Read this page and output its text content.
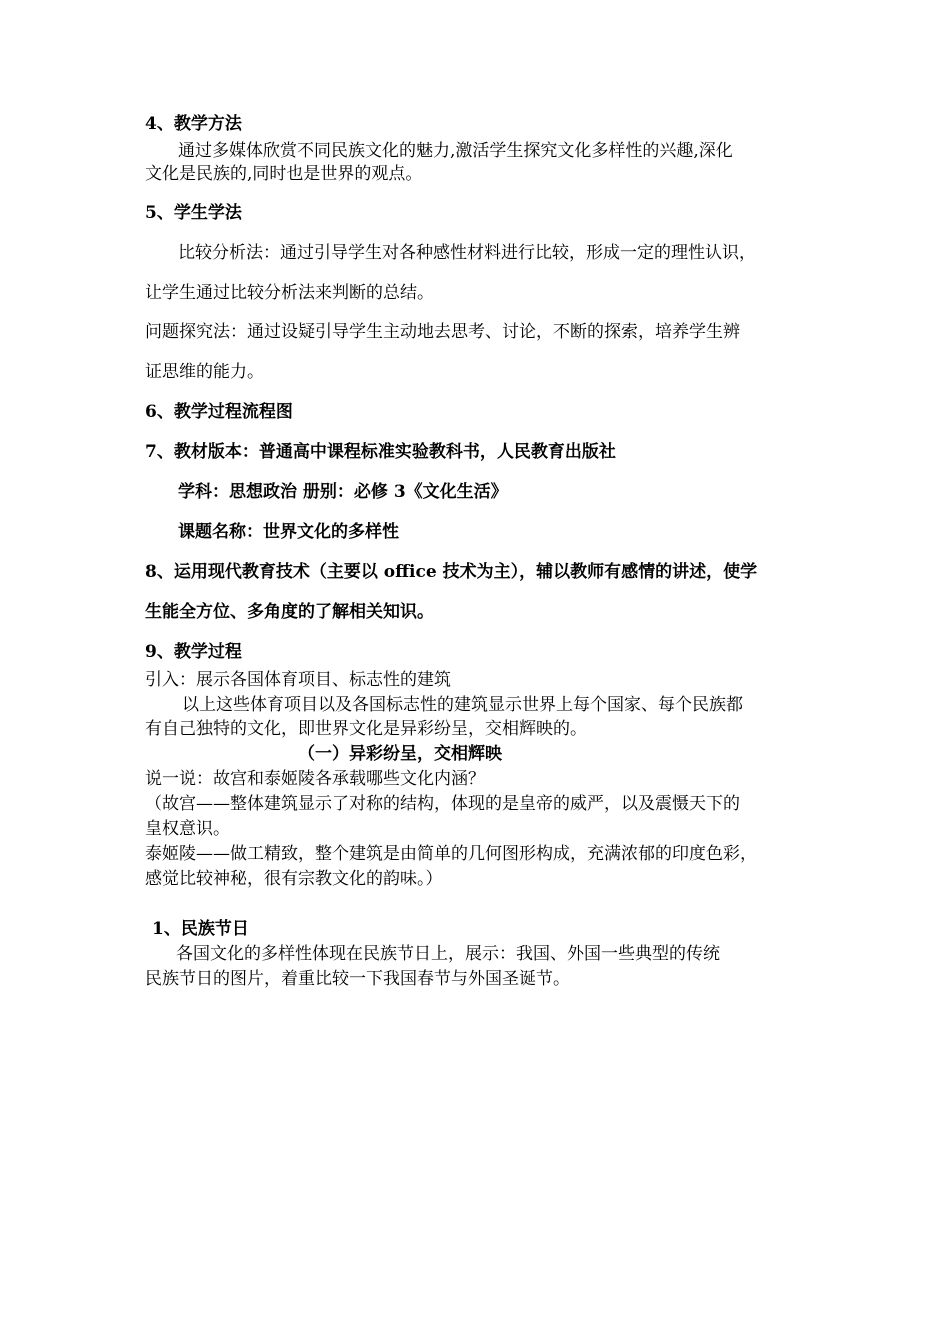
4、教学方法
通过多媒体欣赏不同民族文化的魅力,激活学生探究文化多样性的兴趣,深化
文化是民族的,同时也是世界的观点。
5、学生学法
比较分析法：通过引导学生对各种感性材料进行比较，形成一定的理性认识，
让学生通过比较分析法来判断的总结。
问题探究法：通过设疑引导学生主动地去思考、讨论，不断的探索，培养学生辨
证思维的能力。
6、教学过程流程图
7、教材版本：普通高中课程标准实验教科书，人民教育出版社
学科：思想政治 册别：必修 3《文化生活》
课题名称：世界文化的多样性
8、运用现代教育技术（主要以 office 技术为主），辅以教师有感情的讲述，使学
生能全方位、多角度的了解相关知识。
9、教学过程
引入：展示各国体育项目、标志性的建筑
以上这些体育项目以及各国标志性的建筑显示世界上每个国家、每个民族都
有自己独特的文化，即世界文化是异彩纷呈，交相辉映的。
（一）异彩纷呈，交相辉映
说一说：故宫和泰姬陵各承载哪些文化内涵？
（故宫——整体建筑显示了对称的结构，体现的是皇帝的威严，以及震慑天下的
皇权意识。
泰姬陵——做工精致，整个建筑是由简单的几何图形构成，充满浓郁的印度色彩，
感觉比较神秘，很有宗教文化的韵味。）
1、民族节日
各国文化的多样性体现在民族节日上，展示：我国、外国一些典型的传统
民族节日的图片，着重比较一下我国春节与外国圣诞节。
